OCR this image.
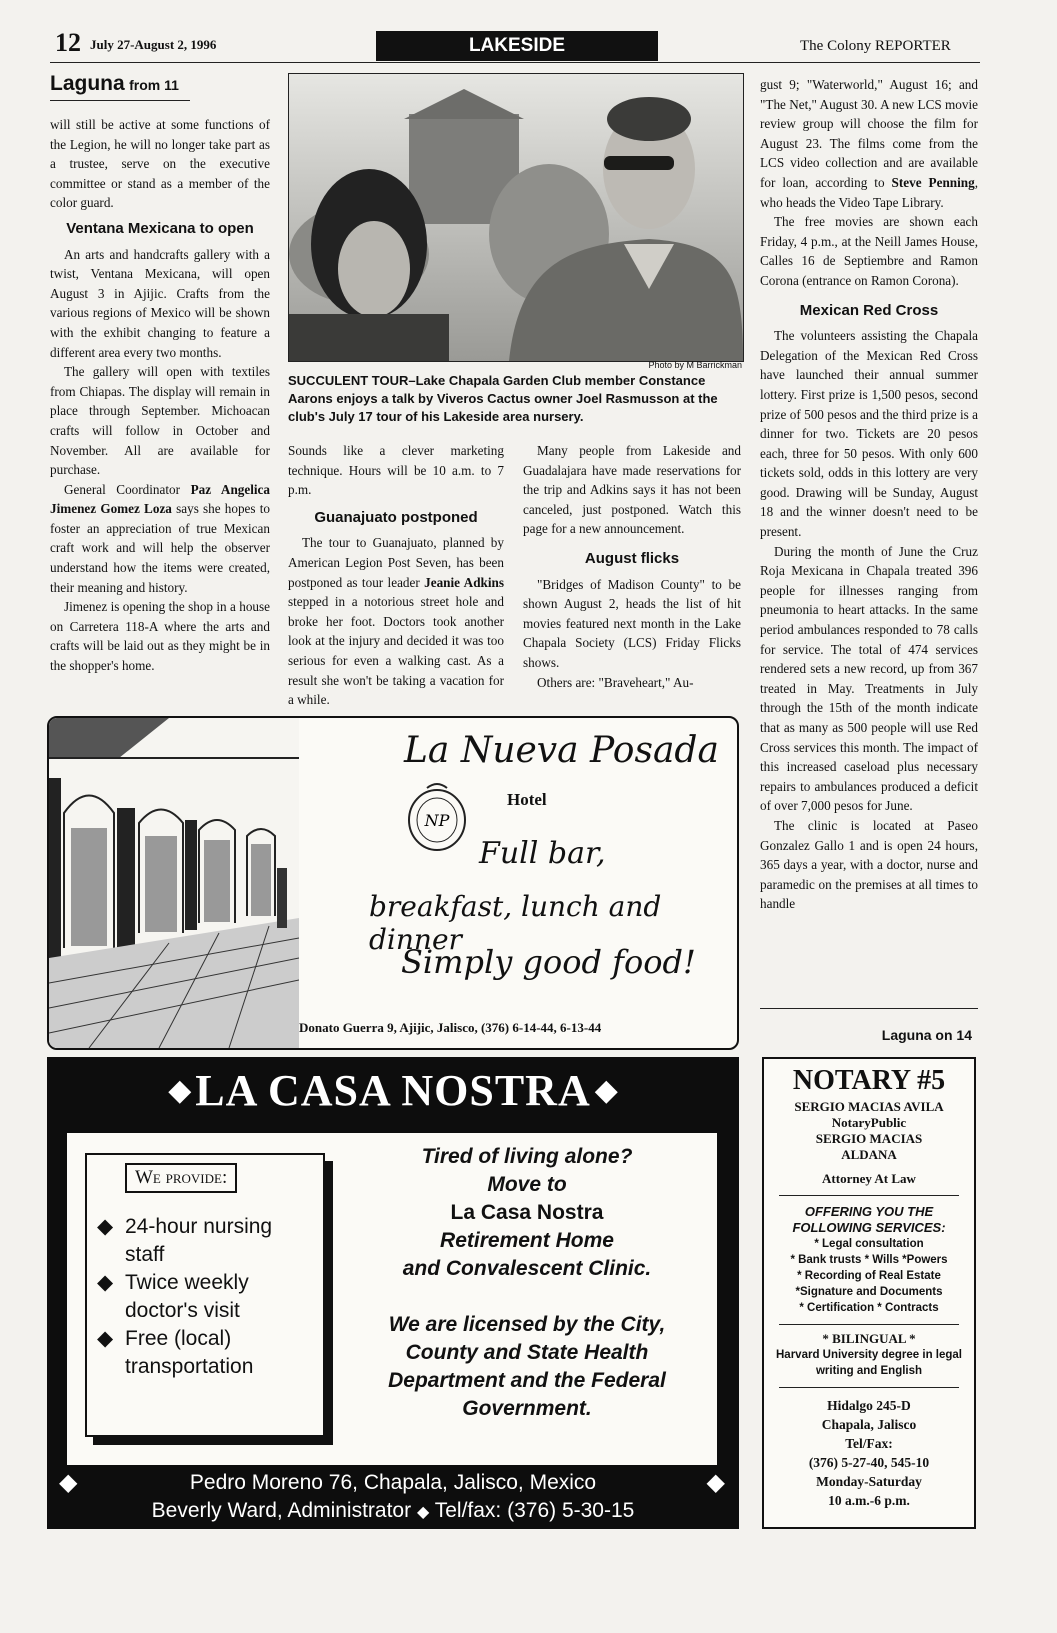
12 July 27-August 2, 1996	LAKESIDE	The Colony REPORTER
Laguna from 11

will still be active at some functions of the Legion, he will no longer take part as a trustee, serve on the executive committee or stand as a member of the color guard.

Ventana Mexicana to open

An arts and handcrafts gallery with a twist, Ventana Mexicana, will open August 3 in Ajijic. Crafts from the various regions of Mexico will be shown with the exhibit changing to feature a different area every two months.

The gallery will open with textiles from Chiapas. The display will remain in place through September. Michoacan crafts will follow in October and November. All are available for purchase.

General Coordinator Paz Angelica Jimenez Gomez Loza says she hopes to foster an appreciation of true Mexican craft work and will help the observer understand how the items were created, their meaning and history.

Jimenez is opening the shop in a house on Carretera 118-A where the arts and crafts will be laid out as they might be in the shopper's home.

Photo by M Barrickman
SUCCULENT TOUR–Lake Chapala Garden Club member Constance Aarons enjoys a talk by Viveros Cactus owner Joel Rasmusson at the club's July 17 tour of his Lakeside area nursery.

Sounds like a clever marketing technique. Hours will be 10 a.m. to 7 p.m.

Guanajuato postponed

The tour to Guanajuato, planned by American Legion Post Seven, has been postponed as tour leader Jeanie Adkins stepped in a notorious street hole and broke her foot. Doctors took another look at the injury and decided it was too serious for even a walking cast. As a result she won't be taking a vacation for a while.

Many people from Lakeside and Guadalajara have made reservations for the trip and Adkins says it has not been canceled, just postponed. Watch this page for a new announcement.

August flicks

"Bridges of Madison County" to be shown August 2, heads the list of hit movies featured next month in the Lake Chapala Society (LCS) Friday Flicks shows.

Others are: "Braveheart," Au-

gust 9; "Waterworld," August 16; and "The Net," August 30. A new LCS movie review group will choose the film for August 23. The films come from the LCS video collection and are available for loan, according to Steve Penning, who heads the Video Tape Library.

The free movies are shown each Friday, 4 p.m., at the Neill James House, Calles 16 de Septiembre and Ramon Corona (entrance on Ramon Corona).

Mexican Red Cross

The volunteers assisting the Chapala Delegation of the Mexican Red Cross have launched their annual summer lottery. First prize is 1,500 pesos, second prize of 500 pesos and the third prize is a dinner for two. Tickets are 20 pesos each, three for 50 pesos. With only 600 tickets sold, odds in this lottery are very good. Drawing will be Sunday, August 18 and the winner doesn't need to be present.

During the month of June the Cruz Roja Mexicana in Chapala treated 396 people for illnesses ranging from pneumonia to heart attacks. In the same period ambulances responded to 78 calls for service. The total of 474 services rendered sets a new record, up from 367 treated in May. Treatments in July through the 15th of the month indicate that as many as 500 people will use Red Cross services this month. The impact of this increased caseload plus necessary repairs to ambulances produced a deficit of over 7,000 pesos for June.

The clinic is located at Paseo Gonzalez Gallo 1 and is open 24 hours, 365 days a year, with a doctor, nurse and paramedic on the premises at all times to handle

Laguna on 14
La Nueva Posada
NP
Hotel
Full bar,
breakfast, lunch and dinner
Simply good food!
Donato Guerra 9, Ajijic, Jalisco, (376) 6-14-44, 6-13-44
◆ LA CASA NOSTRA ◆
We provide:
◆ 24-hour nursing staff
◆ Twice weekly doctor's visit
◆ Free (local) transportation
Tired of living alone?
Move to
La Casa Nostra
Retirement Home
and Convalescent Clinic.
We are licensed by the City, County and State Health Department and the Federal Government.
◆	Pedro Moreno 76, Chapala, Jalisco, Mexico	◆
Beverly Ward, Administrator ◆ Tel/fax: (376) 5-30-15
NOTARY #5
SERGIO MACIAS AVILA
NotaryPublic
SERGIO MACIAS
ALDANA
Attorney At Law
OFFERING YOU THE
FOLLOWING SERVICES:
* Legal consultation
* Bank trusts * Wills *Powers
* Recording of Real Estate
*Signature and Documents
* Certification * Contracts
* BILINGUAL *
Harvard University degree in legal writing and English
Hidalgo 245-D
Chapala, Jalisco
Tel/Fax:
(376) 5-27-40, 545-10
Monday-Saturday
10 a.m.-6 p.m.
